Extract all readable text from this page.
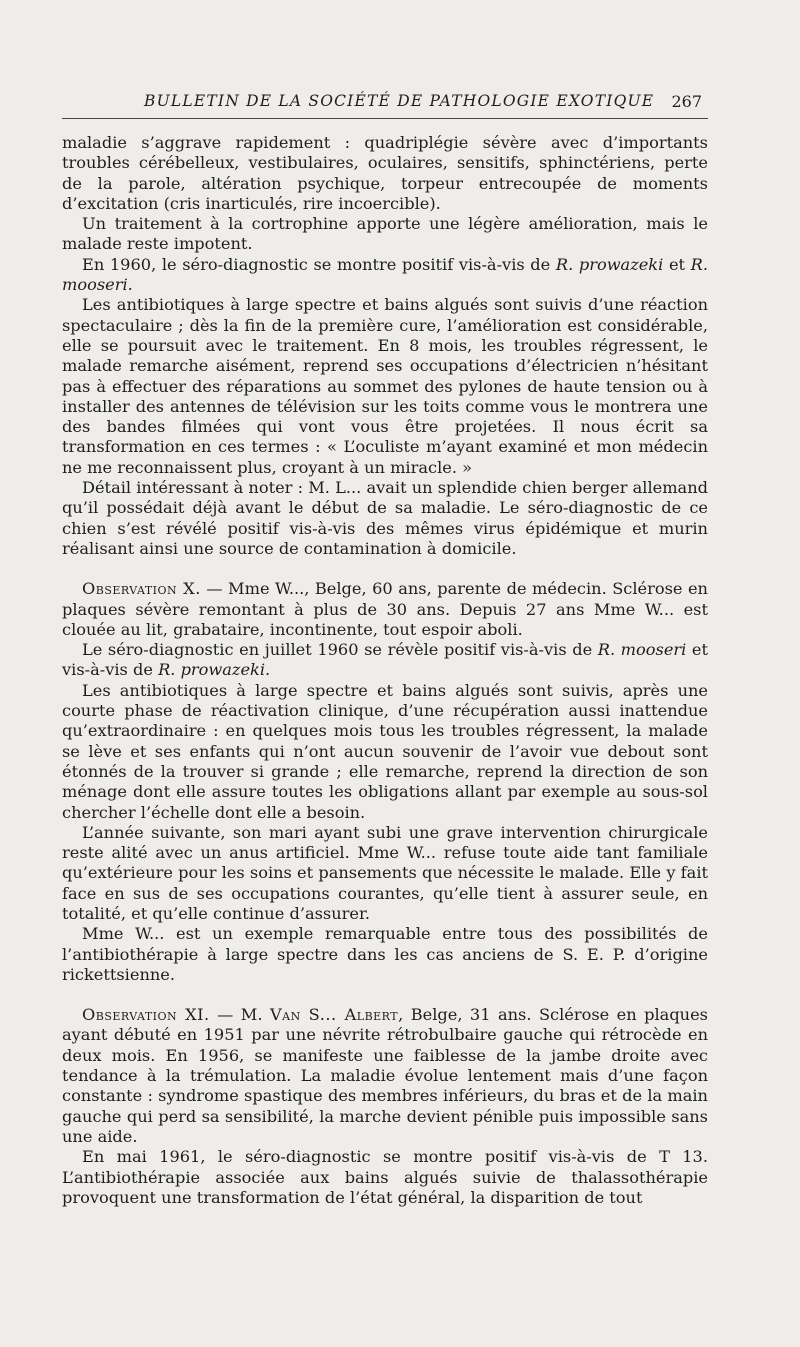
BULLETIN DE LA SOCIÉTÉ DE PATHOLOGIE EXOTIQUE 267

maladie s’aggrave rapidement : quadriplégie sévère avec d’importants troubles cérébelleux, vestibulaires, oculaires, sensitifs, sphinctériens, perte de la parole, altération psychique, torpeur entrecoupée de moments d’excitation (cris inarticulés, rire incoercible).

Un traitement à la cortrophine apporte une légère amélioration, mais le malade reste impotent.

En 1960, le séro-diagnostic se montre positif vis-à-vis de R. prowazeki et R. mooseri.

Les antibiotiques à large spectre et bains algués sont suivis d’une réaction spectaculaire ; dès la fin de la première cure, l’amélioration est considérable, elle se poursuit avec le traitement. En 8 mois, les troubles régressent, le malade remarche aisément, reprend ses occupations d’électricien n’hésitant pas à effectuer des réparations au sommet des pylones de haute tension ou à installer des antennes de télévision sur les toits comme vous le montrera une des bandes filmées qui vont vous être projetées. Il nous écrit sa transformation en ces termes : « L’oculiste m’ayant examiné et mon médecin ne me reconnaissent plus, croyant à un miracle. »

Détail intéressant à noter : M. L... avait un splendide chien berger allemand qu’il possédait déjà avant le début de sa maladie. Le séro-diagnostic de ce chien s’est révélé positif vis-à-vis des mêmes virus épidémique et murin réalisant ainsi une source de contamination à domicile.

Observation X. — Mme W..., Belge, 60 ans, parente de médecin. Sclérose en plaques sévère remontant à plus de 30 ans. Depuis 27 ans Mme W... est clouée au lit, grabataire, incontinente, tout espoir aboli.

Le séro-diagnostic en juillet 1960 se révèle positif vis-à-vis de R. mooseri et vis-à-vis de R. prowazeki.

Les antibiotiques à large spectre et bains algués sont suivis, après une courte phase de réactivation clinique, d’une récupération aussi inattendue qu’extraordinaire : en quelques mois tous les troubles régressent, la malade se lève et ses enfants qui n’ont aucun souvenir de l’avoir vue debout sont étonnés de la trouver si grande ; elle remarche, reprend la direction de son ménage dont elle assure toutes les obligations allant par exemple au sous-sol chercher l’échelle dont elle a besoin.

L’année suivante, son mari ayant subi une grave intervention chirurgicale reste alité avec un anus artificiel. Mme W... refuse toute aide tant familiale qu’extérieure pour les soins et pansements que nécessite le malade. Elle y fait face en sus de ses occupations courantes, qu’elle tient à assurer seule, en totalité, et qu’elle continue d’assurer.

Mme W... est un exemple remarquable entre tous des possibilités de l’antibiothérapie à large spectre dans les cas anciens de S. E. P. d’origine rickettsienne.

Observation XI. — M. Van S... Albert, Belge, 31 ans. Sclérose en plaques ayant débuté en 1951 par une névrite rétrobulbaire gauche qui rétrocède en deux mois. En 1956, se manifeste une faiblesse de la jambe droite avec tendance à la trémulation. La maladie évolue lentement mais d’une façon constante : syndrome spastique des membres inférieurs, du bras et de la main gauche qui perd sa sensibilité, la marche devient pénible puis impossible sans une aide.

En mai 1961, le séro-diagnostic se montre positif vis-à-vis de T 13. L’antibiothérapie associée aux bains algués suivie de thalassothérapie provoquent une transformation de l’état général, la disparition de tout
